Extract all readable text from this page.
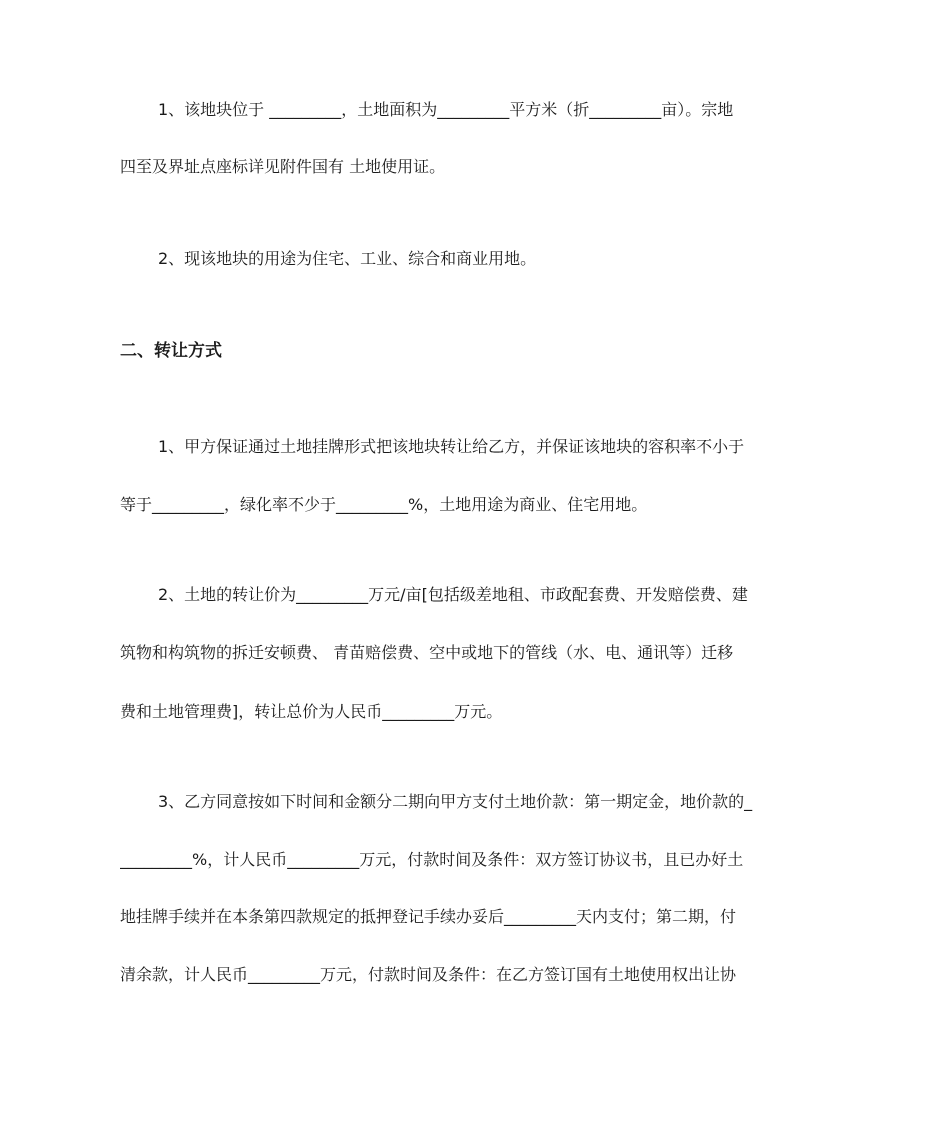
1、该地块位于 _________，土地面积为_________平方米（折_________亩）。宗地
四至及界址点座标详见附件国有 土地使用证。
2、现该地块的用途为住宅、工业、综合和商业用地。
二、转让方式
1、甲方保证通过土地挂牌形式把该地块转让给乙方，并保证该地块的容积率不小于
等于_________，绿化率不少于_________%，土地用途为商业、住宅用地。
2、土地的转让价为_________万元/亩[包括级差地租、市政配套费、开发赔偿费、建
筑物和构筑物的拆迁安顿费、 青苗赔偿费、空中或地下的管线（水、电、通讯等）迁移
费和土地管理费]，转让总价为人民币_________万元。
3、乙方同意按如下时间和金额分二期向甲方支付土地价款：第一期定金，地价款的_
_________%，计人民币_________万元，付款时间及条件：双方签订协议书，且已办好土
地挂牌手续并在本条第四款规定的抵押登记手续办妥后_________天内支付；第二期，付
清余款，计人民币_________万元，付款时间及条件：在乙方签订国有土地使用权出让协
